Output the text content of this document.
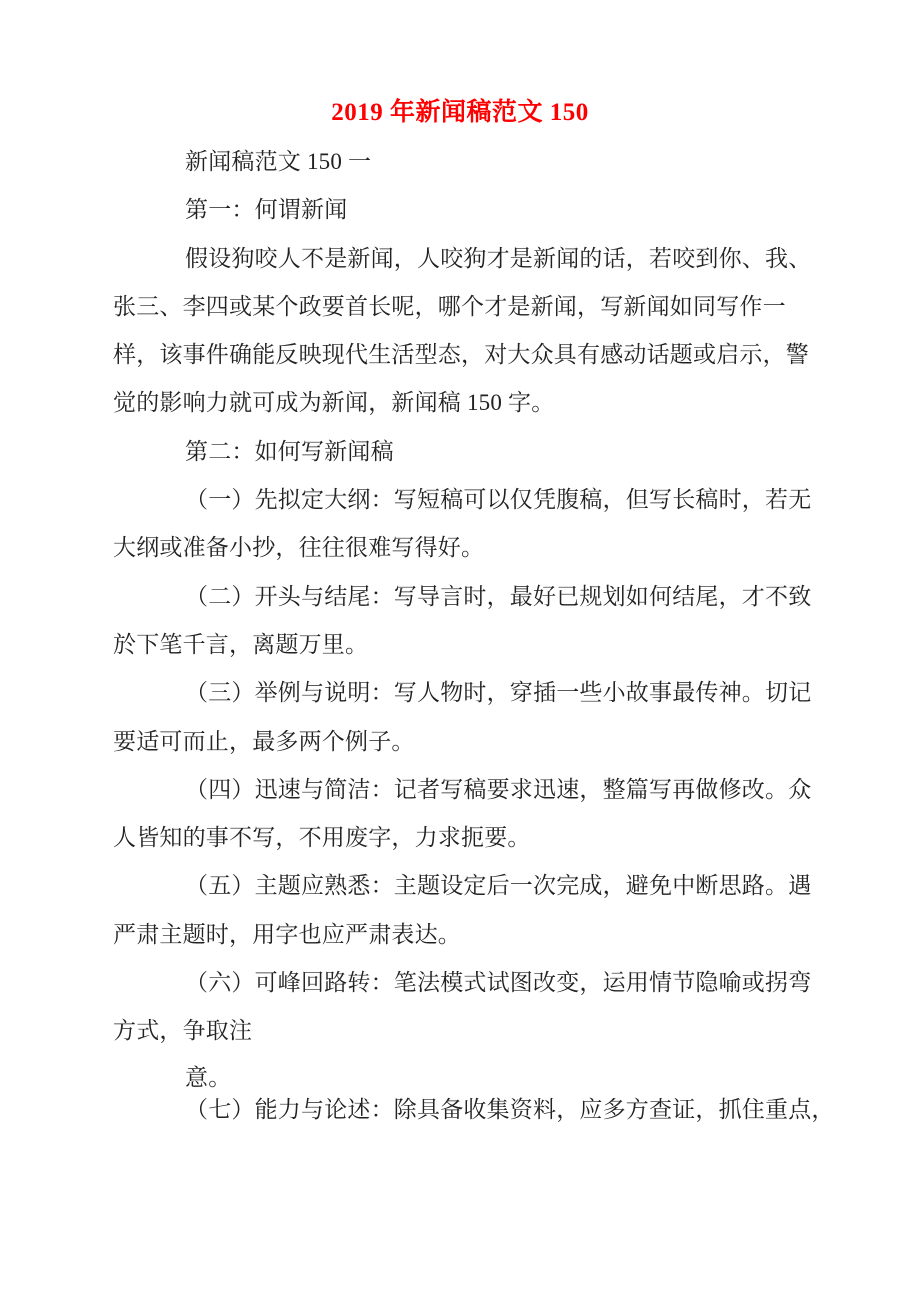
2019 年新闻稿范文 150
新闻稿范文 150 一
第一：何谓新闻
假设狗咬人不是新闻，人咬狗才是新闻的话，若咬到你、我、
张三、李四或某个政要首长呢，哪个才是新闻，写新闻如同写作一
样，该事件确能反映现代生活型态，对大众具有感动话题或启示，警
觉的影响力就可成为新闻，新闻稿 150 字。
第二：如何写新闻稿
（一）先拟定大纲：写短稿可以仅凭腹稿，但写长稿时，若无
大纲或准备小抄，往往很难写得好。
（二）开头与结尾：写导言时，最好已规划如何结尾，才不致
於下笔千言，离题万里。
（三）举例与说明：写人物时，穿插一些小故事最传神。切记
要适可而止，最多两个例子。
（四）迅速与简洁：记者写稿要求迅速，整篇写再做修改。众
人皆知的事不写，不用废字，力求扼要。
（五）主题应熟悉：主题设定后一次完成，避免中断思路。遇
严肃主题时，用字也应严肃表达。
（六）可峰回路转：笔法模式试图改变，运用情节隐喻或拐弯
方式，争取注
意。
（七）能力与论述：除具备收集资料，应多方查证，抓住重点，
